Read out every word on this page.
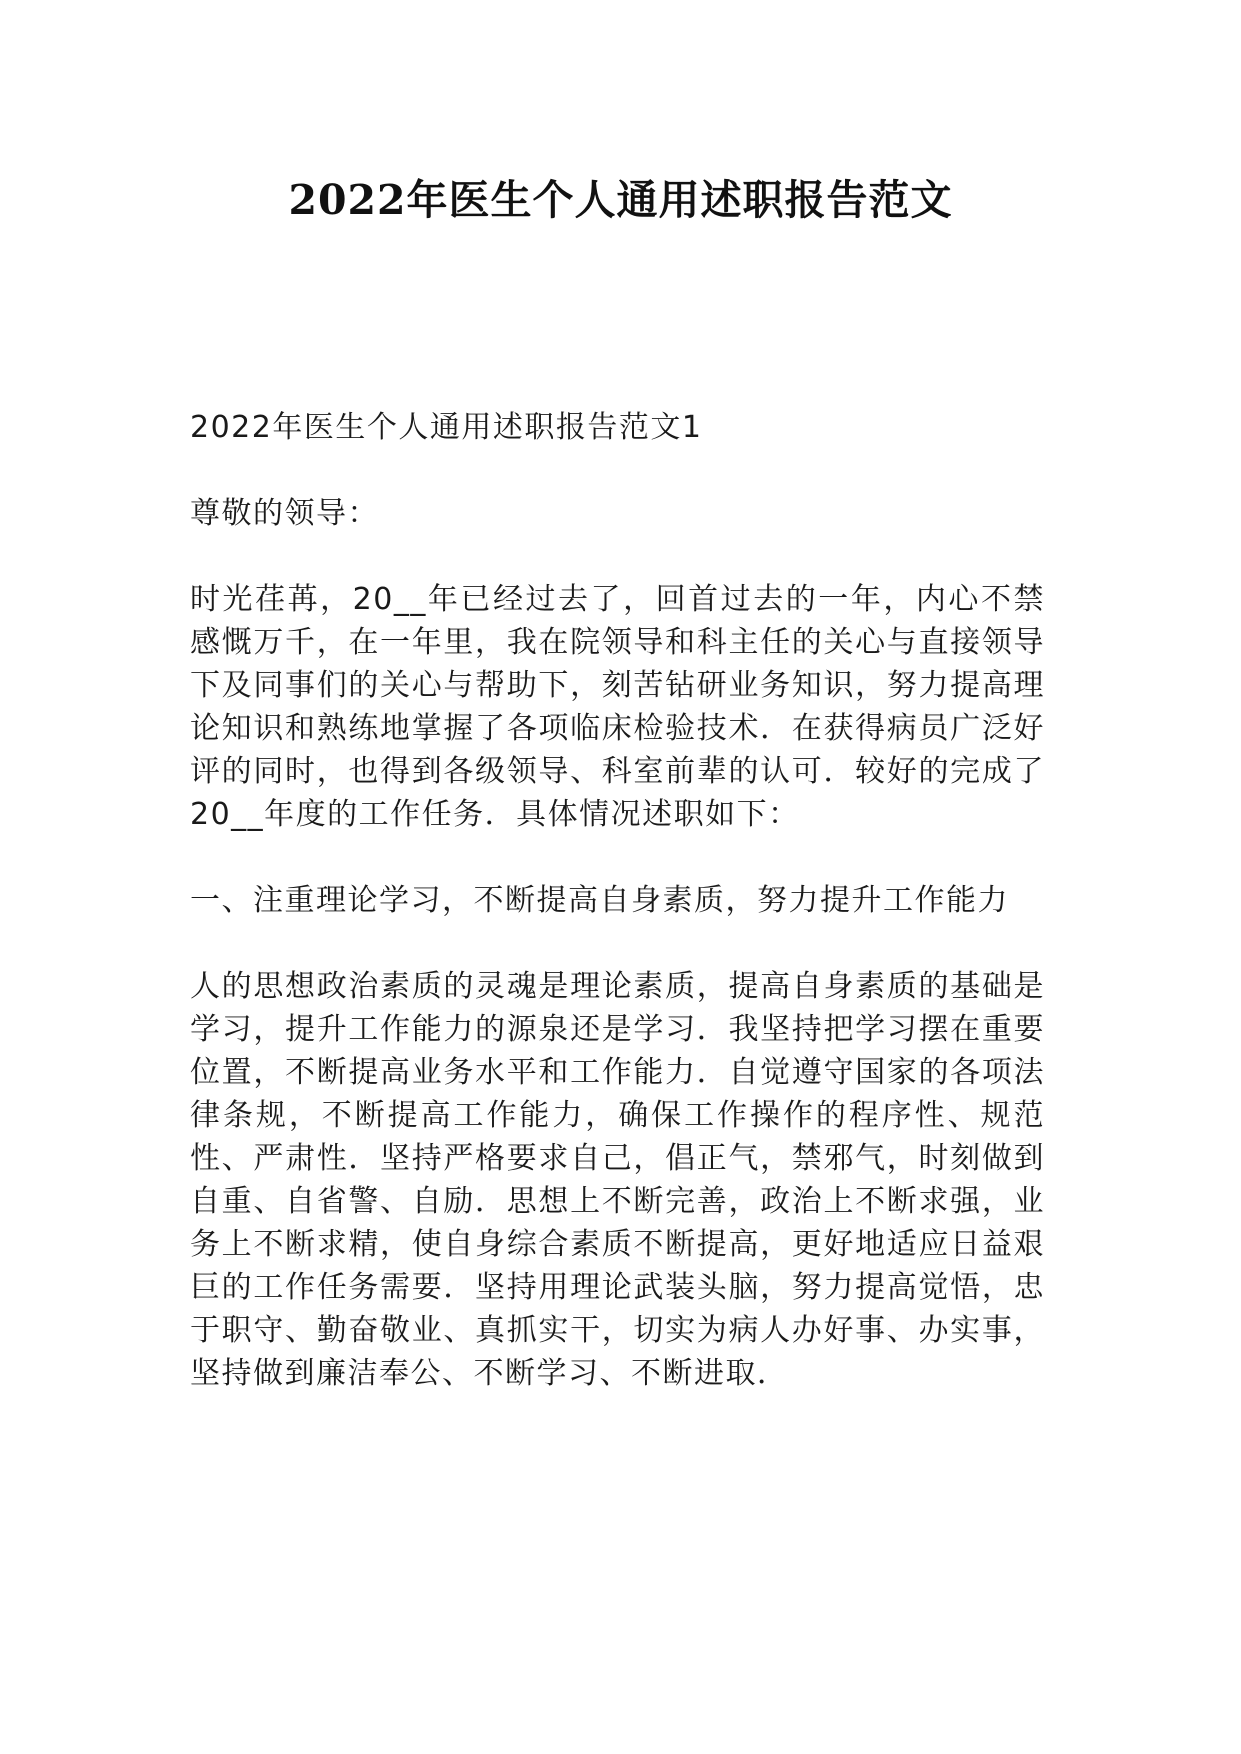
2022年医生个人通用述职报告范文

2022年医生个人通用述职报告范文1

尊敬的领导：

时光荏苒，20__年已经过去了，回首过去的一年，内心不禁感慨万千，在一年里，我在院领导和科主任的关心与直接领导下及同事们的关心与帮助下，刻苦钻研业务知识，努力提高理论知识和熟练地掌握了各项临床检验技术．在获得病员广泛好评的同时，也得到各级领导、科室前辈的认可．较好的完成了20__年度的工作任务．具体情况述职如下：

一、注重理论学习，不断提高自身素质，努力提升工作能力

人的思想政治素质的灵魂是理论素质，提高自身素质的基础是学习，提升工作能力的源泉还是学习．我坚持把学习摆在重要位置，不断提高业务水平和工作能力．自觉遵守国家的各项法律条规，不断提高工作能力，确保工作操作的程序性、规范性、严肃性．坚持严格要求自己，倡正气，禁邪气，时刻做到自重、自省警、自励．思想上不断完善，政治上不断求强，业务上不断求精，使自身综合素质不断提高，更好地适应日益艰巨的工作任务需要．坚持用理论武装头脑，努力提高觉悟，忠于职守、勤奋敬业、真抓实干，切实为病人办好事、办实事，坚持做到廉洁奉公、不断学习、不断进取．
